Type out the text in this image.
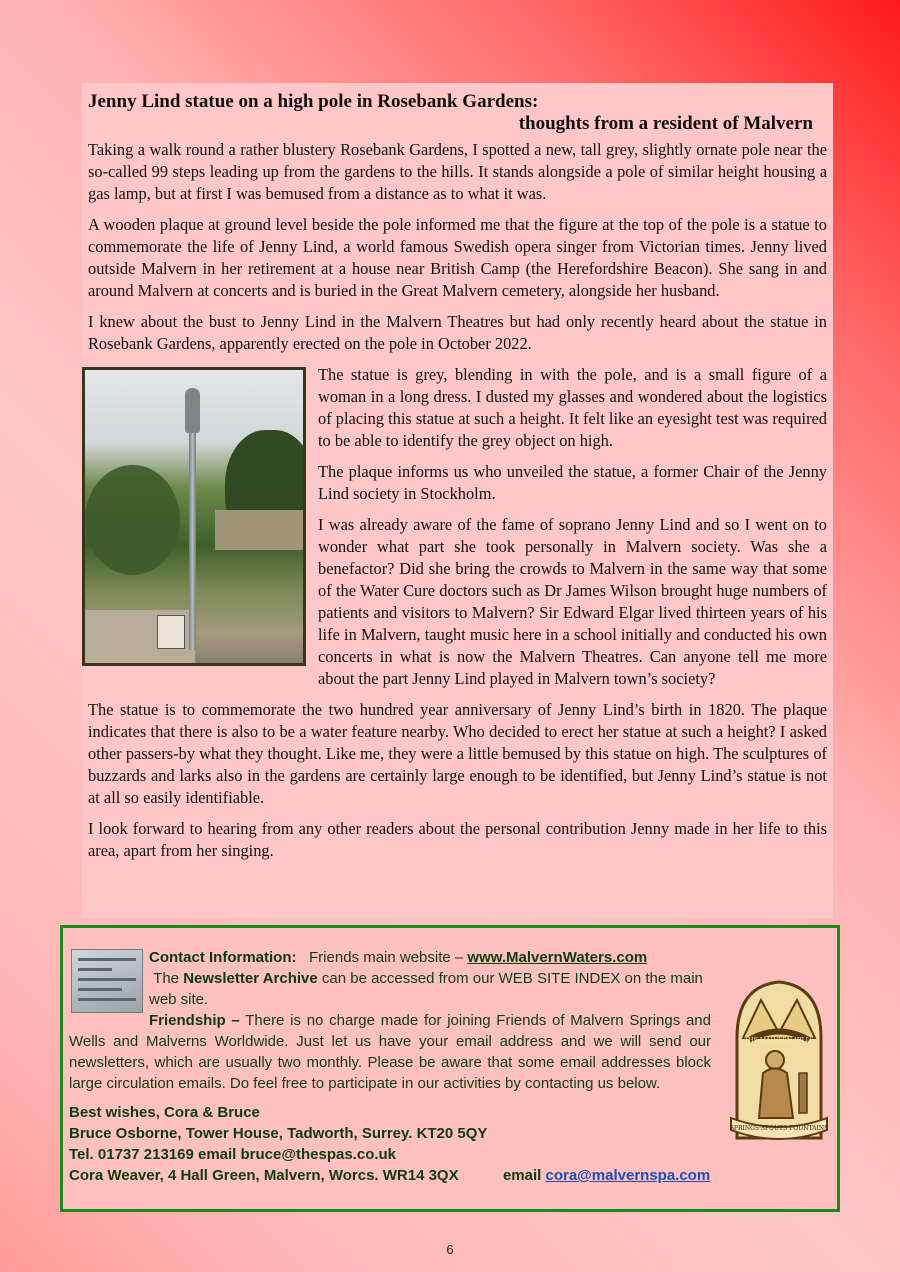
Jenny Lind statue on a high pole in Rosebank Gardens:

thoughts from a resident of Malvern

Taking a walk round a rather blustery Rosebank Gardens, I spotted a new, tall grey, slightly ornate pole near the so-called 99 steps leading up from the gardens to the hills. It stands alongside a pole of similar height housing a gas lamp, but at first I was bemused from a distance as to what it was.

A wooden plaque at ground level beside the pole informed me that the figure at the top of the pole is a statue to commemorate the life of Jenny Lind, a world famous Swedish opera singer from Victorian times. Jenny lived outside Malvern in her retirement at a house near British Camp (the Herefordshire Beacon). She sang in and around Malvern at concerts and is buried in the Great Malvern cemetery, alongside her husband.

I knew about the bust to Jenny Lind in the Malvern Theatres but had only recently heard about the statue in Rosebank Gardens, apparently erected on the pole in October 2022.

The statue is grey, blending in with the pole, and is a small figure of a woman in a long dress. I dusted my glasses and wondered about the logistics of placing this statue at such a height. It felt like an eyesight test was required to be able to identify the grey object on high.

The plaque informs us who unveiled the statue, a former Chair of the Jenny Lind society in Stockholm.

I was already aware of the fame of soprano Jenny Lind and so I went on to wonder what part she took personally in Malvern society. Was she a benefactor? Did she bring the crowds to Malvern in the same way that some of the Water Cure doctors such as Dr James Wilson brought huge numbers of patients and visitors to Malvern? Sir Edward Elgar lived thirteen years of his life in Malvern, taught music here in a school initially and conducted his own concerts in what is now the Malvern Theatres. Can anyone tell me more about the part Jenny Lind played in Malvern town’s society?

The statue is to commemorate the two hundred year anniversary of Jenny Lind’s birth in 1820. The plaque indicates that there is also to be a water feature nearby. Who decided to erect her statue at such a height? I asked other passers-by what they thought. Like me, they were a little bemused by this statue on high. The sculptures of buzzards and larks also in the gardens are certainly large enough to be identified, but Jenny Lind’s statue is not at all so easily identifiable.

I look forward to hearing from any other readers about the personal contribution Jenny made in her life to this area, apart from her singing.

THE MALVERN HILLS
SPRINGS·SPOUTS·FOUNTAINS

Contact Information: Friends main website – www.MalvernWaters.com

The Newsletter Archive can be accessed from our WEB SITE INDEX on the main web site.

Friendship – There is no charge made for joining Friends of Malvern Springs and Wells and Malverns Worldwide. Just let us have your email address and we will send our newsletters, which are usually two monthly. Please be aware that some email addresses block large circulation emails. Do feel free to participate in our activities by contacting us below.

Best wishes, Cora & Bruce

Bruce Osborne, Tower House, Tadworth, Surrey. KT20 5QY

Tel. 01737 213169 email bruce@thespas.co.uk

Cora Weaver, 4 Hall Green, Malvern, Worcs. WR14 3QX	email cora@malvernspa.com

6
